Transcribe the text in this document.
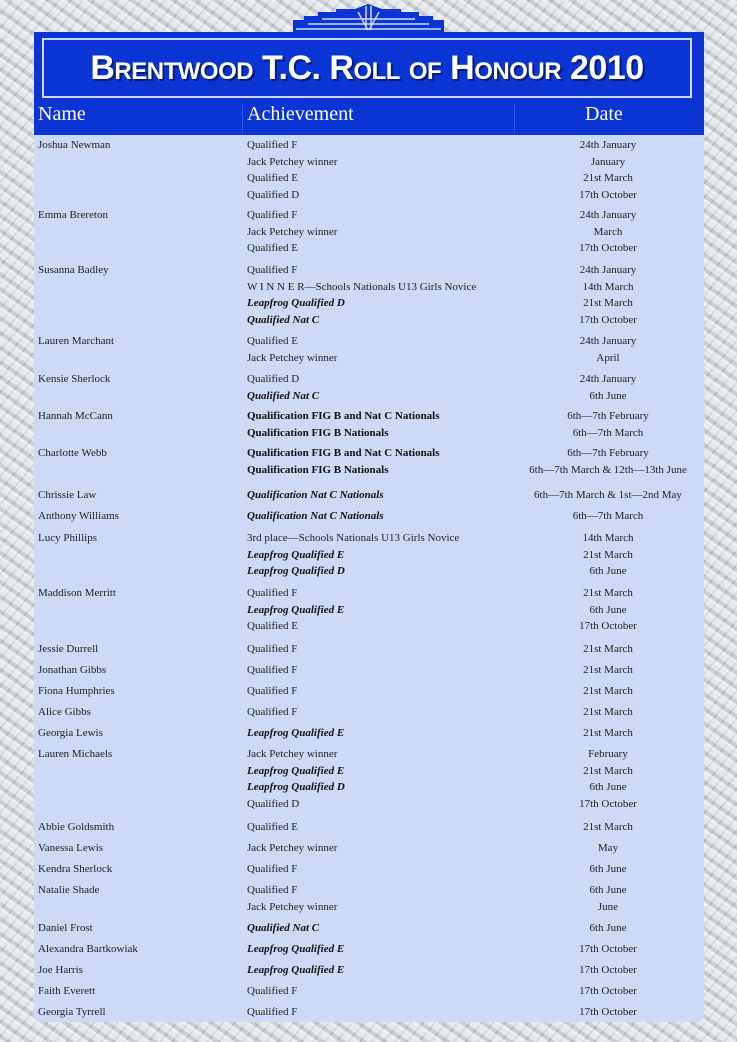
Brentwood T.C. Roll of Honour 2010
Name	Achievement	Date
Joshua Newman	Qualified F	24th January
Jack Petchey winner	January
Qualified E	21st March
Qualified D	17th October
Emma Brereton	Qualified F	24th January
Jack Petchey winner	March
Qualified E	17th October
Susanna Badley	Qualified F	24th January
W I N N E R—Schools Nationals U13 Girls Novice	14th March
Leapfrog Qualified D	21st March
Qualified Nat C	17th October
Lauren Marchant	Qualified E	24th January
Jack Petchey winner	April
Kensie Sherlock	Qualified D	24th January
Qualified Nat C	6th June
Hannah McCann	Qualification FIG B and Nat C Nationals	6th—7th February
Qualification FIG B Nationals	6th—7th March
Charlotte Webb	Qualification FIG B and Nat C Nationals	6th—7th February
Qualification FIG B Nationals	6th—7th March & 12th—13th June
Chrissie Law	Qualification Nat C Nationals	6th—7th March & 1st—2nd May
Anthony Williams	Qualification Nat C Nationals	6th—7th March
Lucy Phillips	3rd place—Schools Nationals U13 Girls Novice	14th March
Leapfrog Qualified E	21st March
Leapfrog Qualified D	6th June
Maddison Merritt	Qualified F	21st March
Leapfrog Qualified E	6th June
Qualified E	17th October
Jessie Durrell	Qualified F	21st March
Jonathan Gibbs	Qualified F	21st March
Fiona Humphries	Qualified F	21st March
Alice Gibbs	Qualified F	21st March
Georgia Lewis	Leapfrog Qualified E	21st March
Lauren Michaels	Jack Petchey winner	February
Leapfrog Qualified E	21st March
Leapfrog Qualified D	6th June
Qualified D	17th October
Abbie Goldsmith	Qualified E	21st March
Vanessa Lewis	Jack Petchey winner	May
Kendra Sherlock	Qualified F	6th June
Natalie Shade	Qualified F	6th June
Jack Petchey winner	June
Daniel Frost	Qualified Nat C	6th June
Alexandra Bartkowiak	Leapfrog Qualified E	17th October
Joe Harris	Leapfrog Qualified E	17th October
Faith Everett	Qualified F	17th October
Georgia Tyrrell	Qualified F	17th October
